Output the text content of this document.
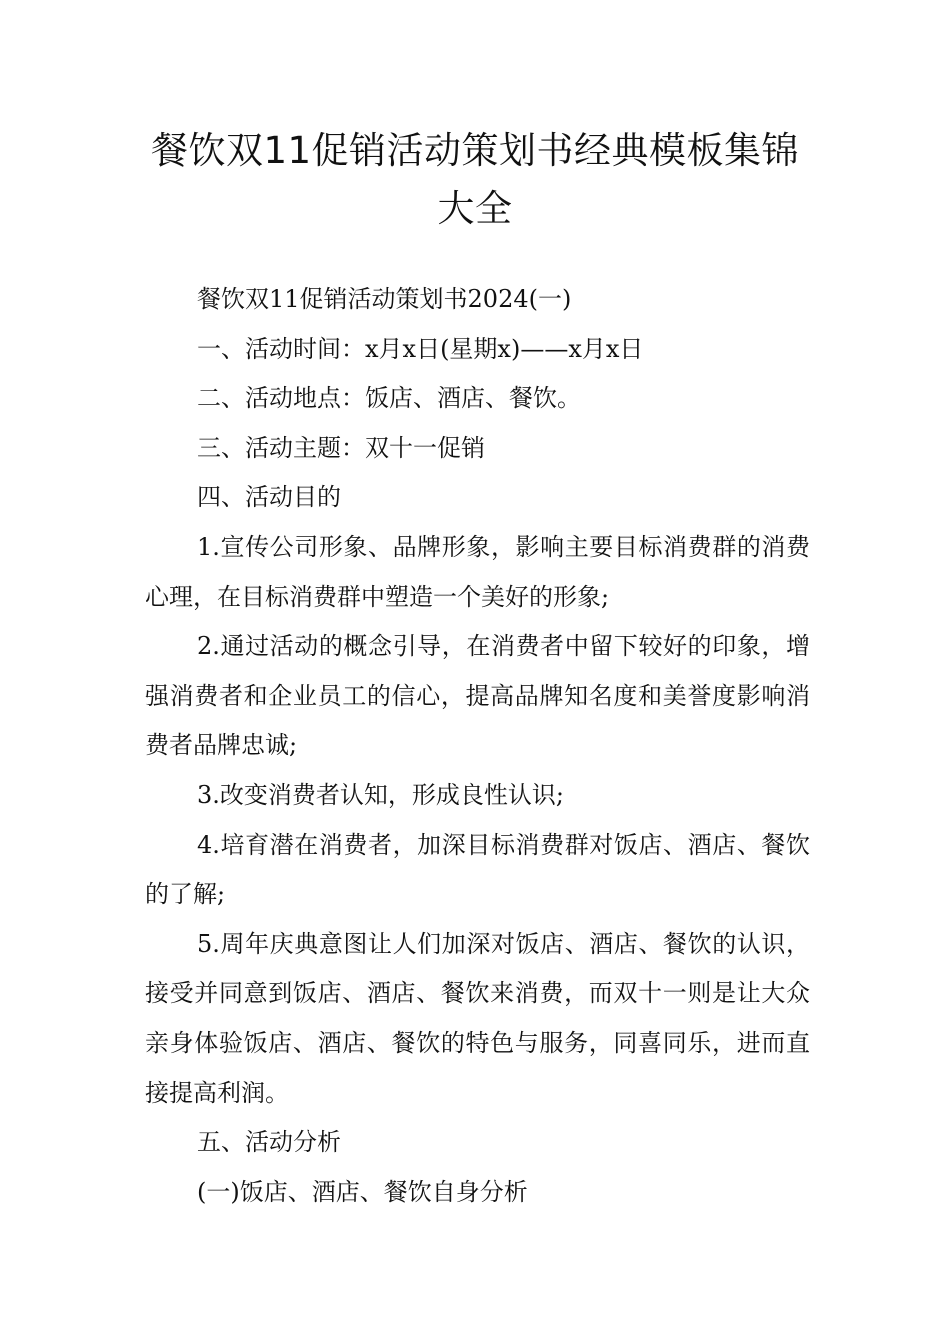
餐饮双11促销活动策划书经典模板集锦大全

餐饮双11促销活动策划书2024(一)

一、活动时间：x月x日(星期x)——x月x日

二、活动地点：饭店、酒店、餐饮。

三、活动主题：双十一促销

四、活动目的

1.宣传公司形象、品牌形象，影响主要目标消费群的消费心理，在目标消费群中塑造一个美好的形象;

2.通过活动的概念引导，在消费者中留下较好的印象，增强消费者和企业员工的信心，提高品牌知名度和美誉度影响消费者品牌忠诚;

3.改变消费者认知，形成良性认识;

4.培育潜在消费者，加深目标消费群对饭店、酒店、餐饮的了解;

5.周年庆典意图让人们加深对饭店、酒店、餐饮的认识，接受并同意到饭店、酒店、餐饮来消费，而双十一则是让大众亲身体验饭店、酒店、餐饮的特色与服务，同喜同乐，进而直接提高利润。

五、活动分析

(一)饭店、酒店、餐饮自身分析
